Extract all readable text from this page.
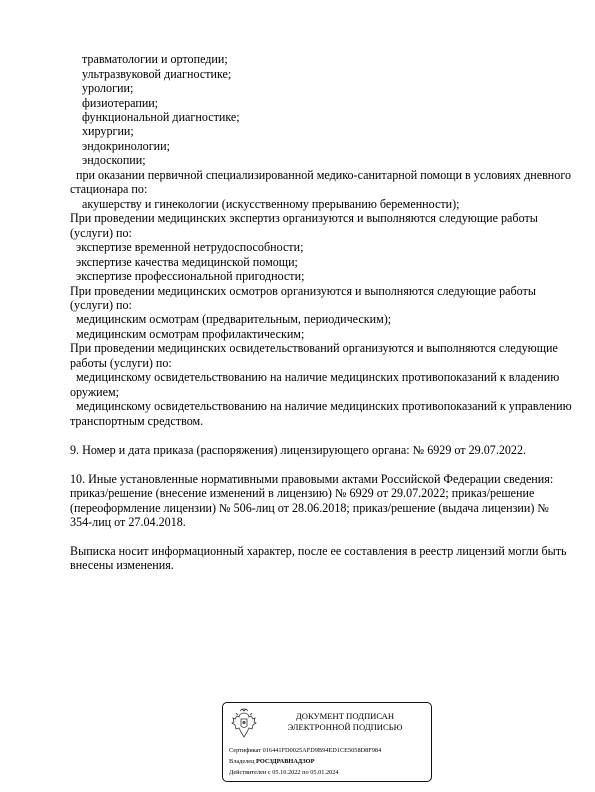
травматологии и ортопедии;
ультразвуковой диагностике;
урологии;
физиотерапии;
функциональной диагностике;
хирургии;
эндокринологии;
эндоскопии;
при оказании первичной специализированной медико-санитарной помощи в условиях дневного
стационара по:
акушерству и гинекологии (искусственному прерыванию беременности);
При проведении медицинских экспертиз организуются и выполняются следующие работы
(услуги) по:
экспертизе временной нетрудоспособности;
экспертизе качества медицинской помощи;
экспертизе профессиональной пригодности;
При проведении медицинских осмотров организуются и выполняются следующие работы
(услуги) по:
медицинским осмотрам (предварительным, периодическим);
медицинским осмотрам профилактическим;
При проведении медицинских освидетельствований организуются и выполняются следующие
работы (услуги) по:
медицинскому освидетельствованию на наличие медицинских противопоказаний к владению
оружием;
медицинскому освидетельствованию на наличие медицинских противопоказаний к управлению
транспортным средством.
9. Номер и дата приказа (распоряжения) лицензирующего органа: № 6929 от 29.07.2022.
10. Иные установленные нормативными правовыми актами Российской Федерации сведения:
приказ/решение (внесение изменений в лицензию) № 6929 от 29.07.2022; приказ/решение
(переоформление лицензии) № 506-лиц от 28.06.2018; приказ/решение (выдача лицензии) №
354-лиц от 27.04.2018.
Выписка носит информационный характер, после ее составления в реестр лицензий могли быть
внесены изменения.
ДОКУМЕНТ ПОДПИСАН
ЭЛЕКТРОННОЙ ПОДПИСЬЮ
Сертификат 016441FD0025AFD9B94ED1CE5058D8F984
Владелец РОСЗДРАВНАДЗОР
Действителен с 05.10.2022 по 05.01.2024
